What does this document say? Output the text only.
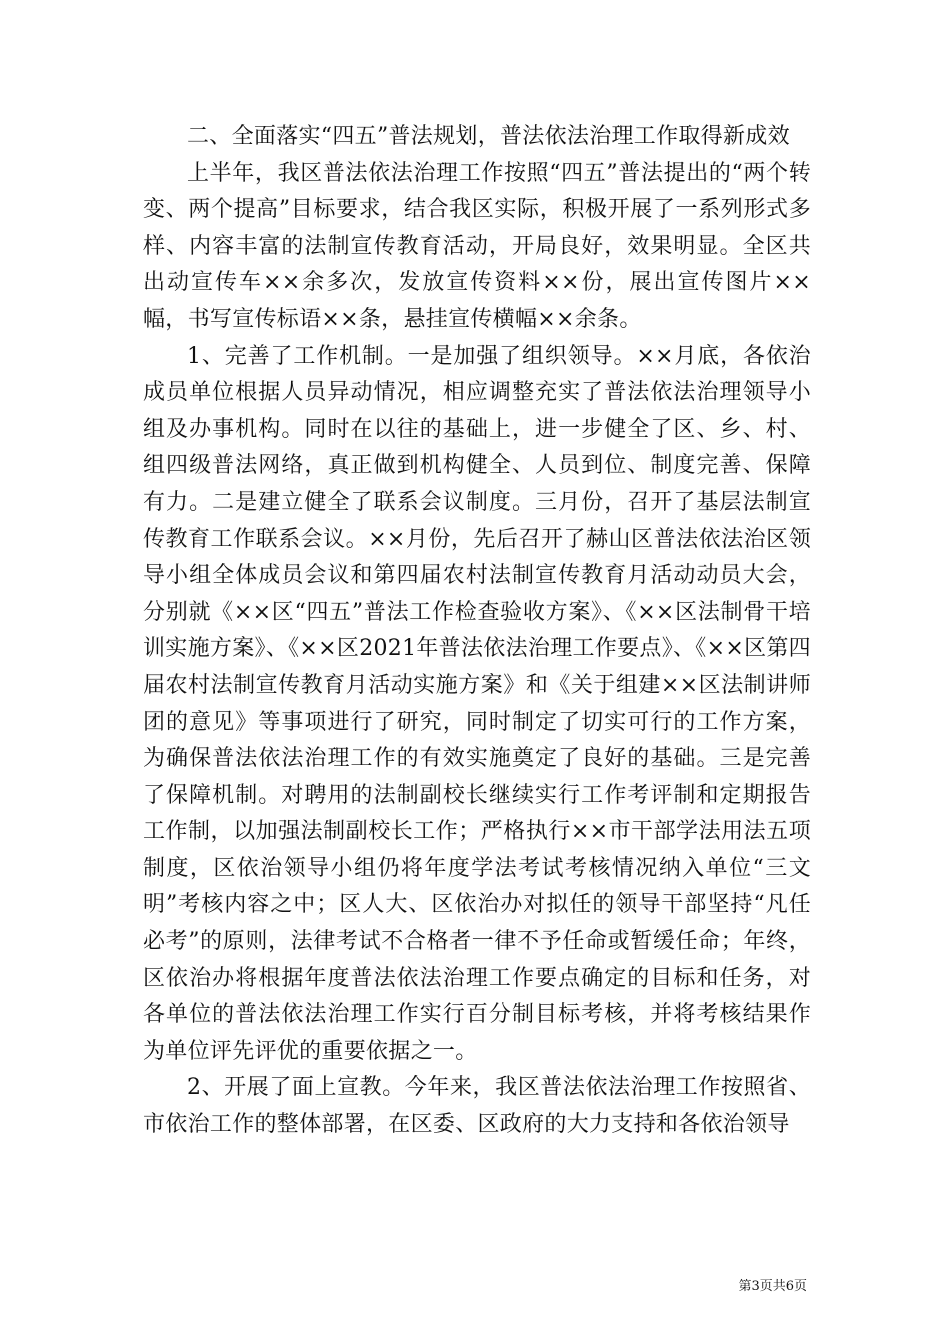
二、全面落实“四五”普法规划，普法依法治理工作取得新成效

上半年，我区普法依法治理工作按照“四五”普法提出的“两个转变、两个提高”目标要求，结合我区实际，积极开展了一系列形式多样、内容丰富的法制宣传教育活动，开局良好，效果明显。全区共出动宣传车××余多次，发放宣传资料××份，展出宣传图片××幅，书写宣传标语××条，悬挂宣传横幅××余条。

1、完善了工作机制。一是加强了组织领导。××月底，各依治成员单位根据人员异动情况，相应调整充实了普法依法治理领导小组及办事机构。同时在以往的基础上，进一步健全了区、乡、村、组四级普法网络，真正做到机构健全、人员到位、制度完善、保障有力。二是建立健全了联系会议制度。三月份，召开了基层法制宣传教育工作联系会议。××月份，先后召开了赫山区普法依法治区领导小组全体成员会议和第四届农村法制宣传教育月活动动员大会，分别就《××区“四五”普法工作检查验收方案》、《××区法制骨干培训实施方案》、《××区2021年普法依法治理工作要点》、《××区第四届农村法制宣传教育月活动实施方案》和《关于组建××区法制讲师团的意见》等事项进行了研究，同时制定了切实可行的工作方案，为确保普法依法治理工作的有效实施奠定了良好的基础。三是完善了保障机制。对聘用的法制副校长继续实行工作考评制和定期报告工作制，以加强法制副校长工作；严格执行××市干部学法用法五项制度，区依治领导小组仍将年度学法考试考核情况纳入单位“三文明”考核内容之中；区人大、区依治办对拟任的领导干部坚持“凡任必考”的原则，法律考试不合格者一律不予任命或暂缓任命；年终，区依治办将根据年度普法依法治理工作要点确定的目标和任务，对各单位的普法依法治理工作实行百分制目标考核，并将考核结果作为单位评先评优的重要依据之一。

2、开展了面上宣教。今年来，我区普法依法治理工作按照省、市依治工作的整体部署，在区委、区政府的大力支持和各依治领导

第3页共6页
